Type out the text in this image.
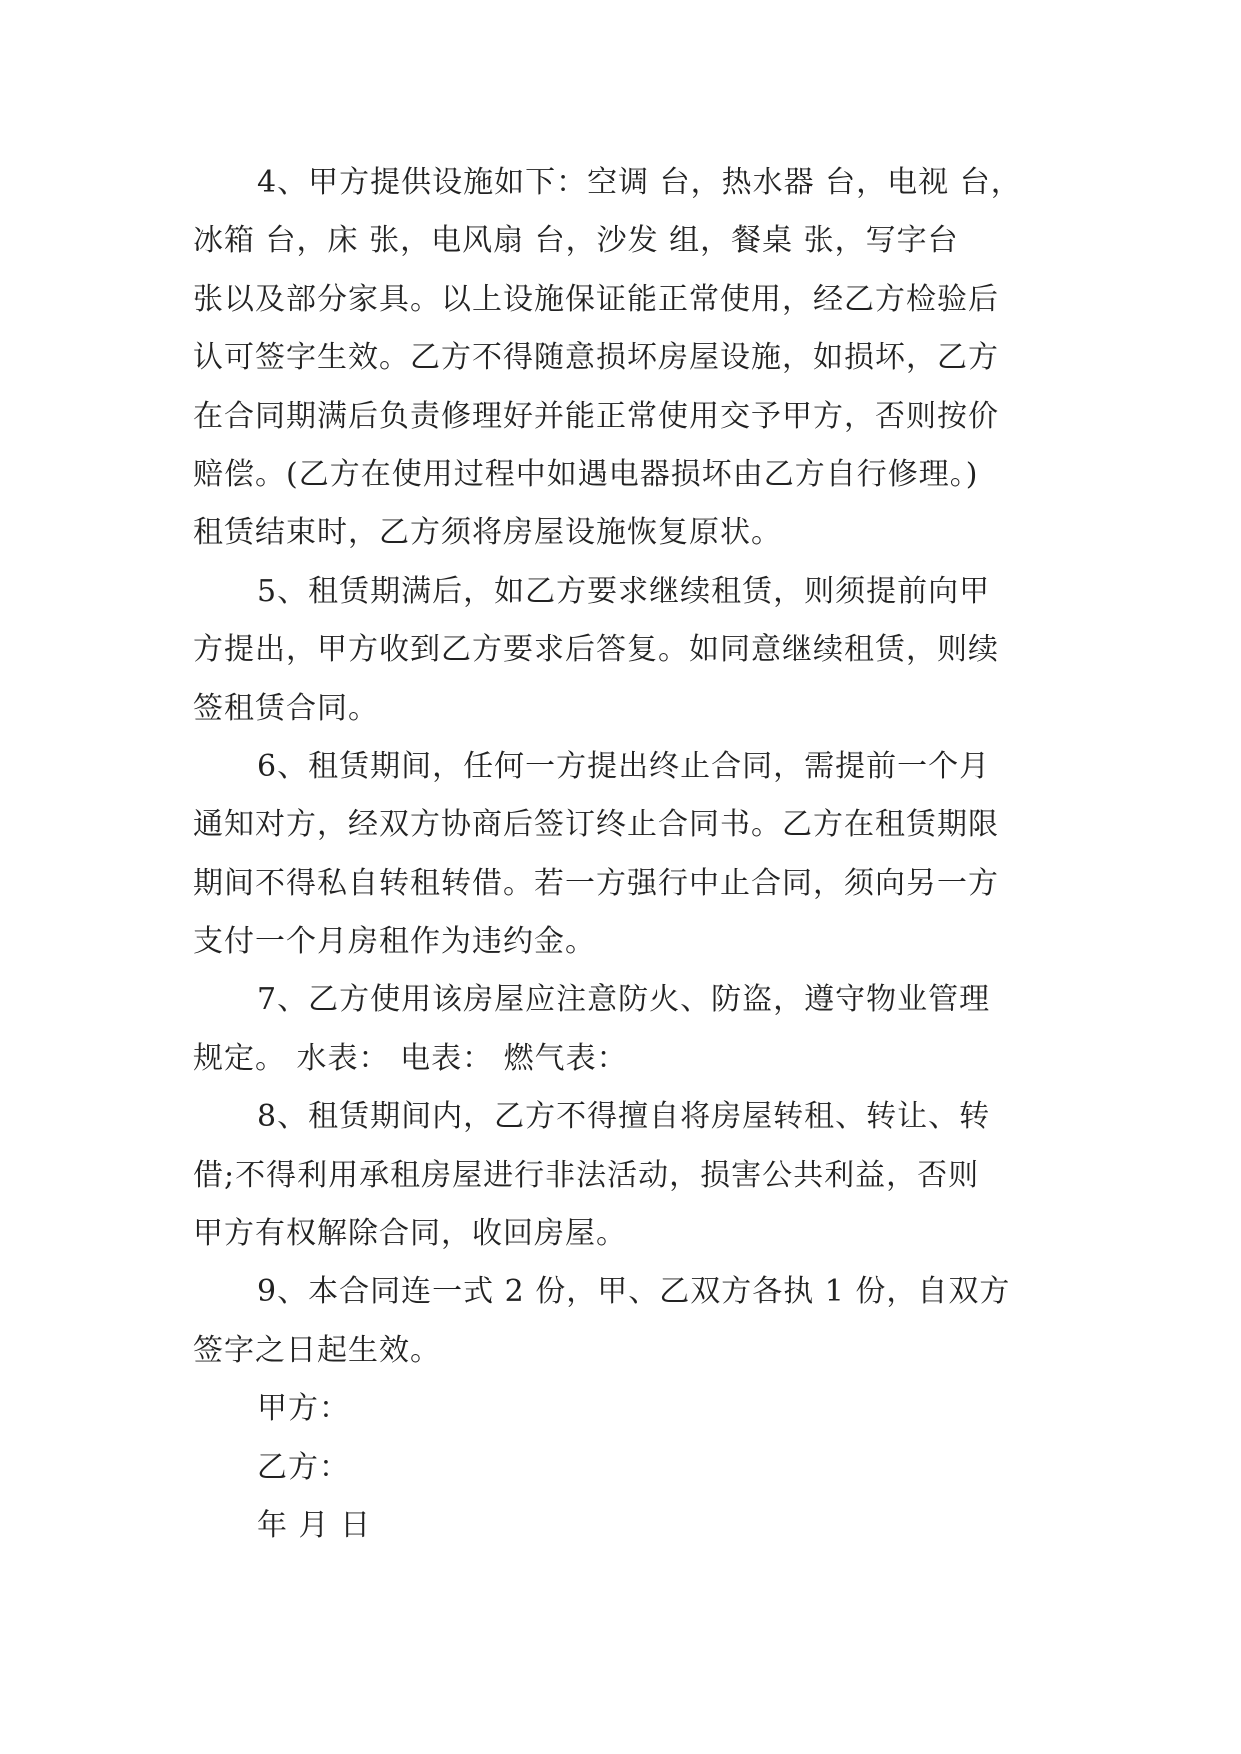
4、甲方提供设施如下：空调 台，热水器 台，电视 台，
冰箱 台，床 张，电风扇 台，沙发 组，餐桌 张，写字台
张以及部分家具。以上设施保证能正常使用，经乙方检验后
认可签字生效。乙方不得随意损坏房屋设施，如损坏，乙方
在合同期满后负责修理好并能正常使用交予甲方，否则按价
赔偿。(乙方在使用过程中如遇电器损坏由乙方自行修理。)
租赁结束时，乙方须将房屋设施恢复原状。
5、租赁期满后，如乙方要求继续租赁，则须提前向甲
方提出，甲方收到乙方要求后答复。如同意继续租赁，则续
签租赁合同。
6、租赁期间，任何一方提出终止合同，需提前一个月
通知对方，经双方协商后签订终止合同书。乙方在租赁期限
期间不得私自转租转借。若一方强行中止合同，须向另一方
支付一个月房租作为违约金。
7、乙方使用该房屋应注意防火、防盗，遵守物业管理
规定。 水表： 电表： 燃气表：
8、租赁期间内，乙方不得擅自将房屋转租、转让、转
借;不得利用承租房屋进行非法活动，损害公共利益，否则
甲方有权解除合同，收回房屋。
9、本合同连一式 2 份，甲、乙双方各执 1 份，自双方
签字之日起生效。
甲方：
乙方：
年 月 日
